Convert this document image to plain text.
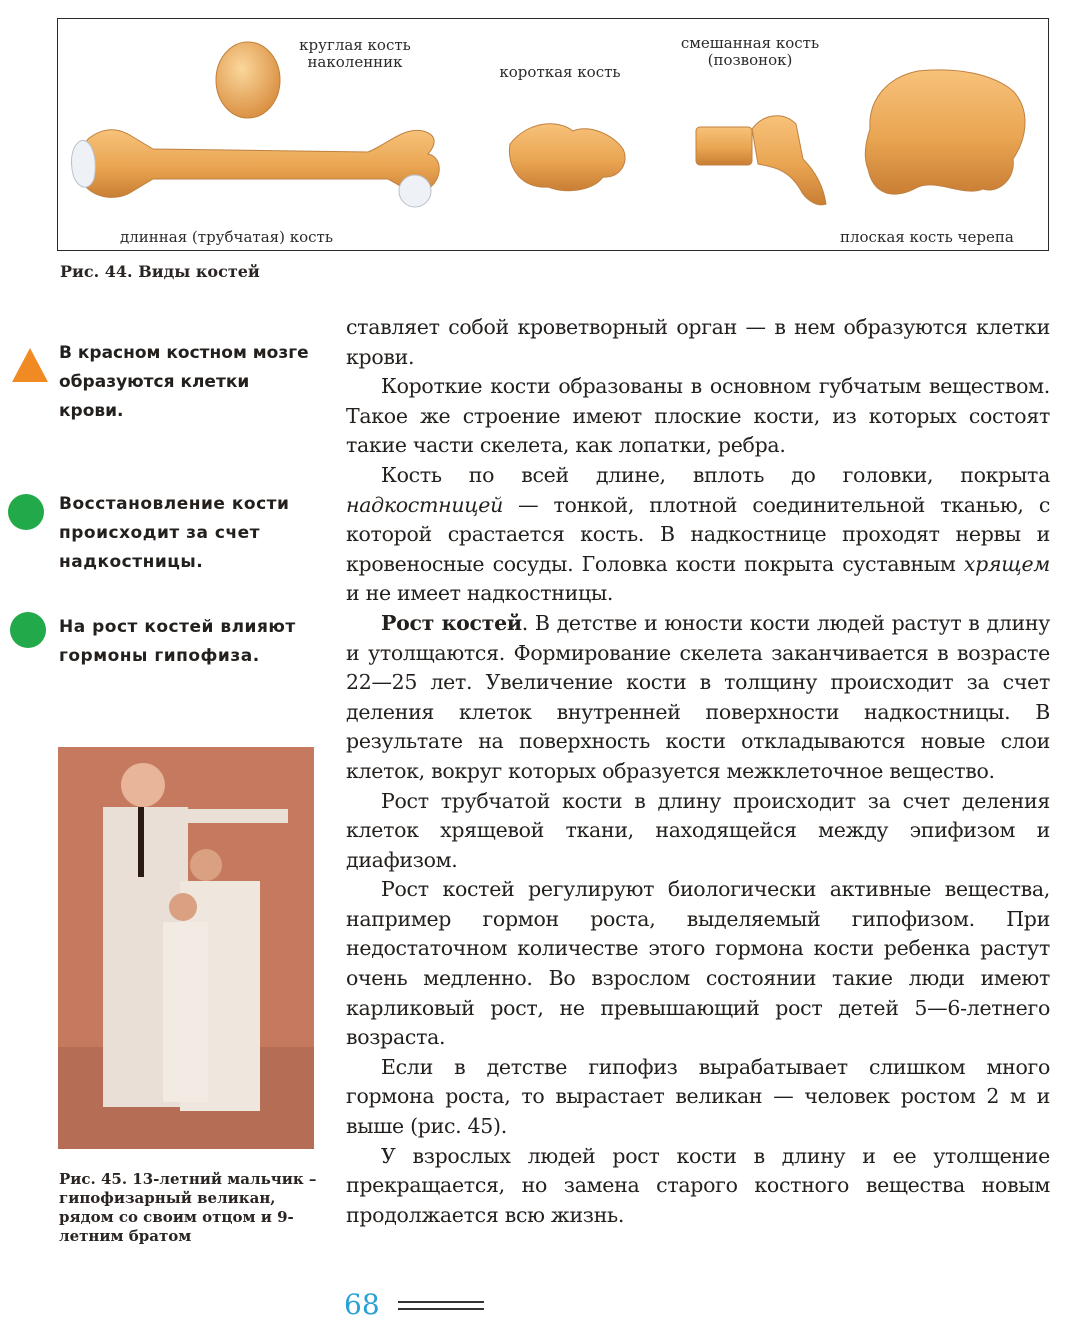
круглая кость
наколенник
короткая кость
смешанная кость
(позвонок)
длинная (трубчатая) кость	плоская кость черепа
Рис. 44. Виды костей
В красном костном мозге образуются клетки крови.
Восстановление кости происходит за счет надкостницы.
На рост костей влияют гормоны гипофиза.
Рис. 45. 13-летний мальчик – гипофизарный великан, рядом со своим отцом и 9-летним братом

ставляет собой кроветворный орган — в нем образуются клетки крови.

Короткие кости образованы в основном губчатым веществом. Такое же строение имеют плоские кости, из которых состоят такие части скелета, как лопатки, ребра.

Кость по всей длине, вплоть до головки, покрыта надкостницей — тонкой, плотной соединительной тканью, с которой срастается кость. В надкостнице проходят нервы и кровеносные сосуды. Головка кости покрыта суставным хрящем и не имеет надкостницы.

Рост костей. В детстве и юности кости людей растут в длину и утолщаются. Формирование скелета заканчивается в возрасте 22—25 лет. Увеличение кости в толщину происходит за счет деления клеток внутренней поверхности надкостницы. В результате на поверхность кости откладываются новые слои клеток, вокруг которых образуется межклеточное вещество.

Рост трубчатой кости в длину происходит за счет деления клеток хрящевой ткани, находящейся между эпифизом и диафизом.

Рост костей регулируют биологически активные вещества, например гормон роста, выделяемый гипофизом. При недостаточном количестве этого гормона кости ребенка растут очень медленно. Во взрослом состоянии такие люди имеют карликовый рост, не превышающий рост детей 5—6-летнего возраста.

Если в детстве гипофиз вырабатывает слишком много гормона роста, то вырастает великан — человек ростом 2 м и выше (рис. 45).

У взрослых людей рост кости в длину и ее утолщение прекращается, но замена старого костного вещества новым продолжается всю жизнь.

68
